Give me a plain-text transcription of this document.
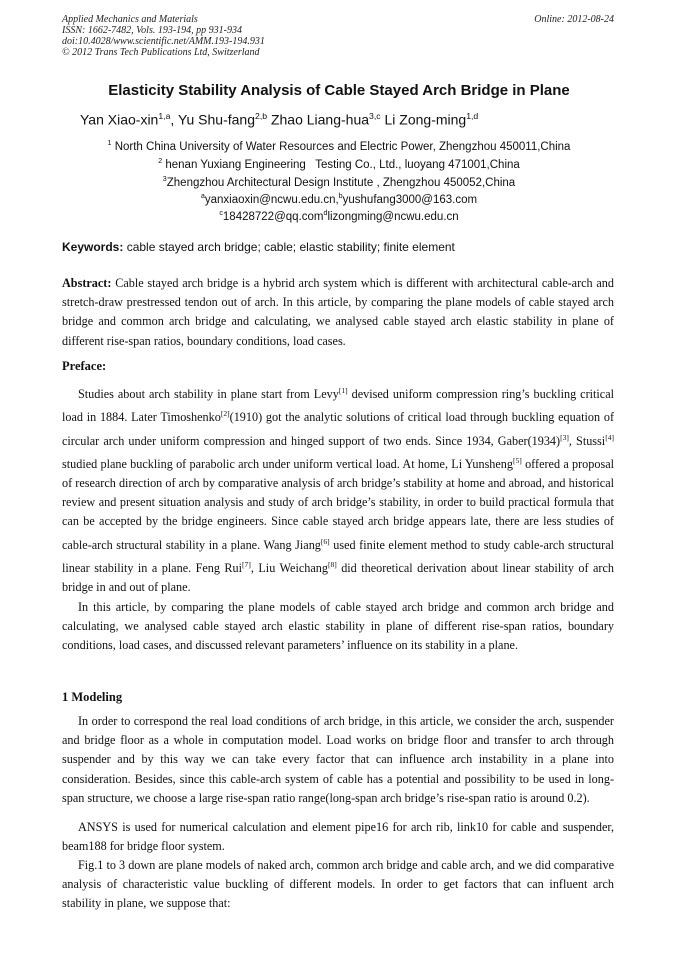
Applied Mechanics and Materials
ISSN: 1662-7482, Vols. 193-194, pp 931-934
doi:10.4028/www.scientific.net/AMM.193-194.931
© 2012 Trans Tech Publications Ltd, Switzerland
Online: 2012-08-24
Elasticity Stability Analysis of Cable Stayed Arch Bridge in Plane
Yan Xiao-xin$^{1,a}$, Yu Shu-fang$^{2,b}$ Zhao Liang-hua$^{3,c}$ Li Zong-ming$^{1,d}$
$^1$ North China University of Water Resources and Electric Power, Zhengzhou 450011,China
$^2$ henan Yuxiang Engineering   Testing Co., Ltd., luoyang 471001,China
$^3$Zhengzhou Architectural Design Institute , Zhengzhou 450052,China
$^a$yanxiaoxin@ncwu.edu.cn,$^b$yushufang3000@163.com
$^c$18428722@qq.com$^d$lizongming@ncwu.edu.cn
Keywords: cable stayed arch bridge; cable; elastic stability; finite element
Abstract: Cable stayed arch bridge is a hybrid arch system which is different with architectural cable-arch and stretch-draw prestressed tendon out of arch. In this article, by comparing the plane models of cable stayed arch bridge and common arch bridge and calculating, we analysed cable stayed arch elastic stability in plane of different rise-span ratios, boundary conditions, load cases.
Preface:
Studies about arch stability in plane start from Levy[1] devised uniform compression ring’s buckling critical load in 1884. Later Timoshenko[2](1910) got the analytic solutions of critical load through buckling equation of circular arch under uniform compression and hinged support of two ends. Since 1934, Gaber(1934)[3], Stussi[4] studied plane buckling of parabolic arch under uniform vertical load. At home, Li Yunsheng[5] offered a proposal of research direction of arch by comparative analysis of arch bridge’s stability at home and abroad, and historical review and present situation analysis and study of arch bridge’s stability, in order to build practical formula that can be accepted by the bridge engineers. Since cable stayed arch bridge appears late, there are less studies of cable-arch structural stability in a plane. Wang Jiang[6] used finite element method to study cable-arch structural linear stability in a plane. Feng Rui[7], Liu Weichang[8] did theoretical derivation about linear stability of arch bridge in and out of plane.
In this article, by comparing the plane models of cable stayed arch bridge and common arch bridge and calculating, we analysed cable stayed arch elastic stability in plane of different rise-span ratios, boundary conditions, load cases, and discussed relevant parameters’ influence on its stability in a plane.
1 Modeling
In order to correspond the real load conditions of arch bridge, in this article, we consider the arch, suspender and bridge floor as a whole in computation model. Load works on bridge floor and transfer to arch through suspender and by this way we can take every factor that can influence arch instability in a plane into consideration. Besides, since this cable-arch system of cable has a potential and possibility to be used in long-span structure, we choose a large rise-span ratio range(long-span arch bridge’s rise-span ratio is around 0.2).
ANSYS is used for numerical calculation and element pipe16 for arch rib, link10 for cable and suspender, beam188 for bridge floor system.
Fig.1 to 3 down are plane models of naked arch, common arch bridge and cable arch, and we did comparative analysis of characteristic value buckling of different models. In order to get factors that can influent arch stability in plane, we suppose that:
